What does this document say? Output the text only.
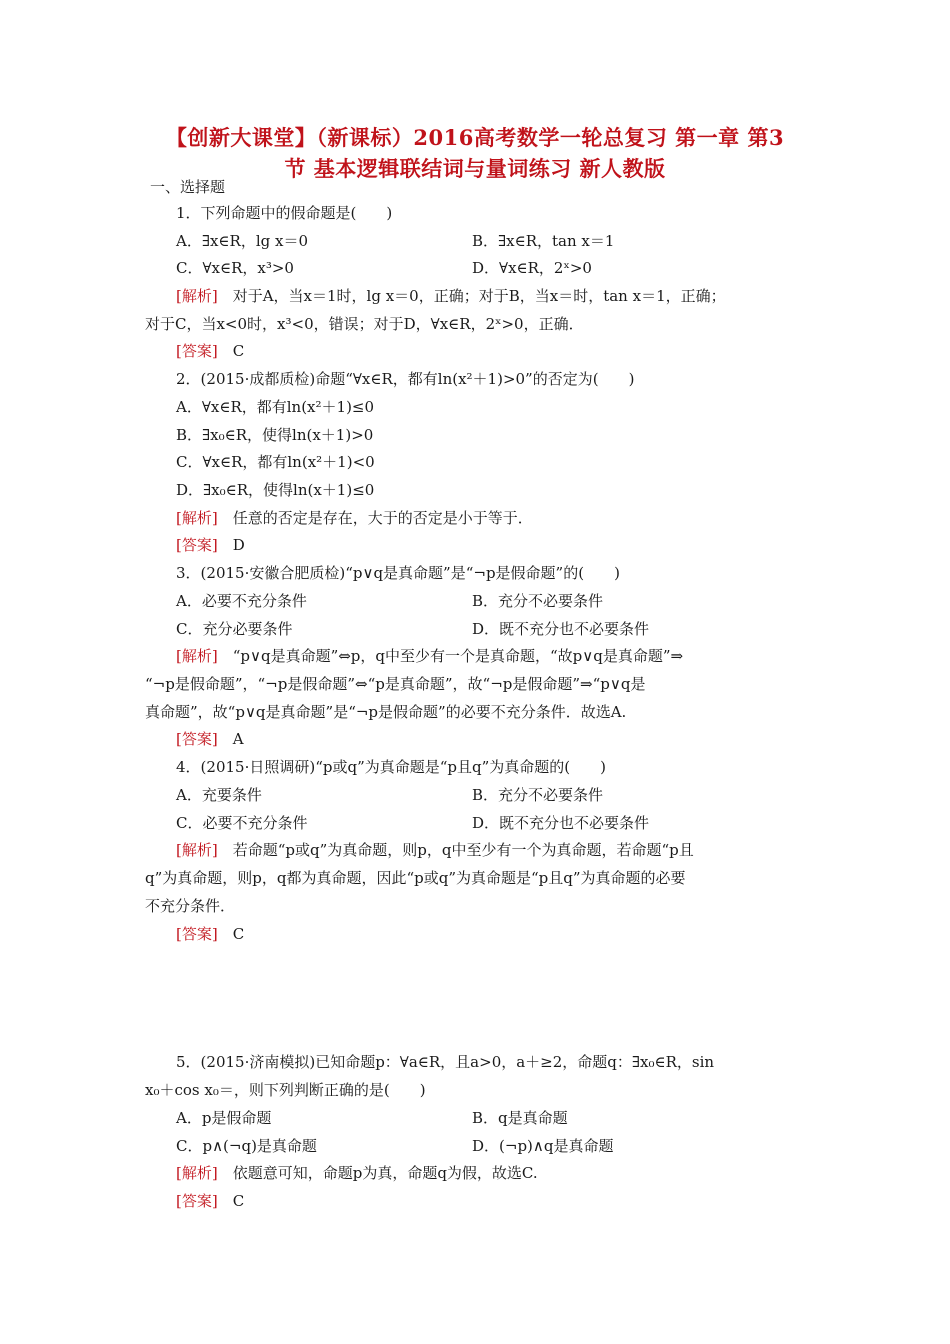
【创新大课堂】（新课标）2016高考数学一轮总复习 第一章 第3
节 基本逻辑联结词与量词练习 新人教版
一、选择题
1．下列命题中的假命题是(　　)
A．∃x∈R，lg x＝0	B．∃x∈R，tan x＝1
C．∀x∈R，x³>0	D．∀x∈R，2ˣ>0
[解析]　对于A，当x＝1时，lg x＝0，正确；对于B，当x＝时，tan x＝1，正确；
对于C，当x<0时，x³<0，错误；对于D，∀x∈R，2ˣ>0，正确．
[答案]　C
2．(2015·成都质检)命题“∀x∈R，都有ln(x²＋1)>0”的否定为(　　)
A．∀x∈R，都有ln(x²＋1)≤0
B．∃x₀∈R，使得ln(x＋1)>0
C．∀x∈R，都有ln(x²＋1)<0
D．∃x₀∈R，使得ln(x＋1)≤0
[解析]　任意的否定是存在，大于的否定是小于等于．
[答案]　D
3．(2015·安徽合肥质检)“p∨q是真命题”是“¬p是假命题”的(　　)
A．必要不充分条件	B．充分不必要条件
C．充分必要条件	D．既不充分也不必要条件
[解析]　“p∨q是真命题”⇔p，q中至少有一个是真命题，“故p∨q是真命题”⇒
“¬p是假命题”，“¬p是假命题”⇔“p是真命题”，故“¬p是假命题”⇒“p∨q是
真命题”，故“p∨q是真命题”是“¬p是假命题”的必要不充分条件．故选A.
[答案]　A
4．(2015·日照调研)“p或q”为真命题是“p且q”为真命题的(　　)
A．充要条件	B．充分不必要条件
C．必要不充分条件	D．既不充分也不必要条件
[解析]　若命题“p或q”为真命题，则p，q中至少有一个为真命题，若命题“p且
q”为真命题，则p，q都为真命题，因此“p或q”为真命题是“p且q”为真命题的必要
不充分条件．
[答案]　C
5．(2015·济南模拟)已知命题p：∀a∈R，且a>0，a＋≥2，命题q：∃x₀∈R，sin
x₀＋cos x₀＝，则下列判断正确的是(　　)
A．p是假命题	B．q是真命题
C．p∧(¬q)是真命题	D．(¬p)∧q是真命题
[解析]　依题意可知，命题p为真，命题q为假，故选C.
[答案]　C
